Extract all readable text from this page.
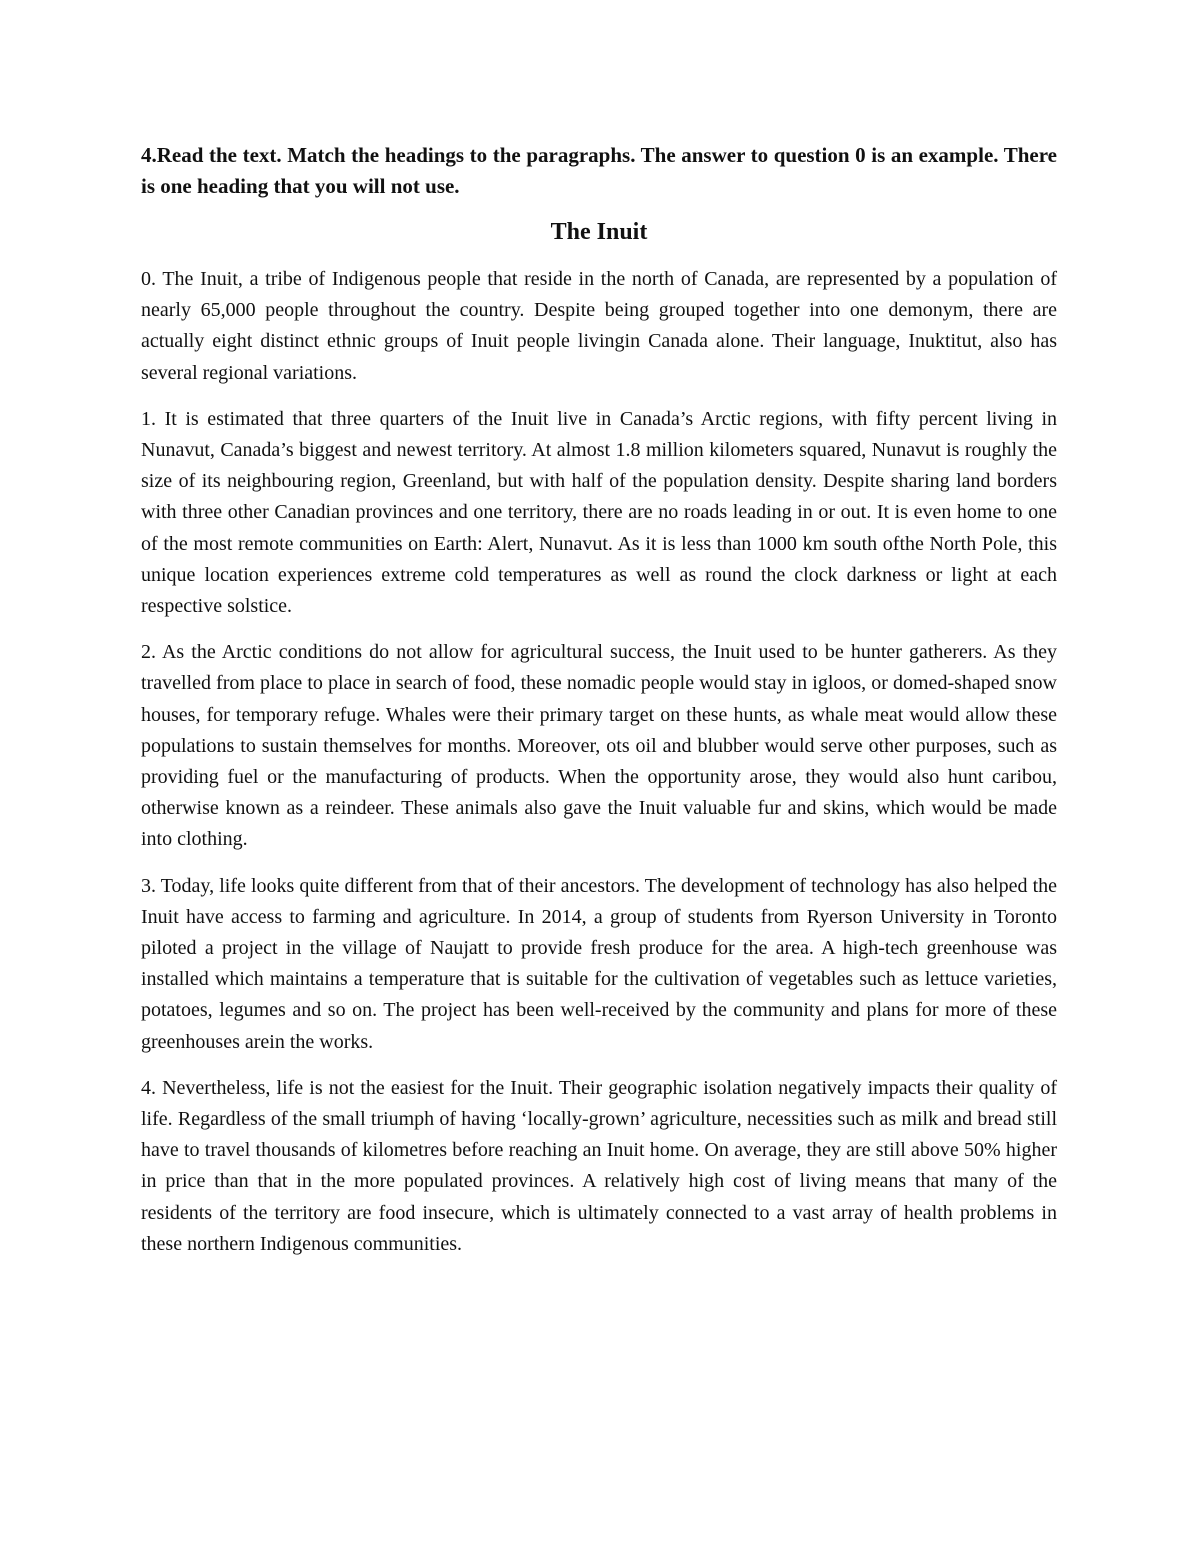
4.Read the text. Match the headings to the paragraphs. The answer to question 0 is an example. There is one heading that you will not use.

The Inuit

0. The Inuit, a tribe of Indigenous people that reside in the north of Canada, are represented by a population of nearly 65,000 people throughout the country. Despite being grouped together into one demonym, there are actually eight distinct ethnic groups of Inuit people livingin Canada alone. Their language, Inuktitut, also has several regional variations.

1. It is estimated that three quarters of the Inuit live in Canada’s Arctic regions, with fifty percent living in Nunavut, Canada’s biggest and newest territory. At almost 1.8 million kilometers squared, Nunavut is roughly the size of its neighbouring region, Greenland, but with half of the population density. Despite sharing land borders with three other Canadian provinces and one territory, there are no roads leading in or out. It is even home to one of the most remote communities on Earth: Alert, Nunavut. As it is less than 1000 km south ofthe North Pole, this unique location experiences extreme cold temperatures as well as round the clock darkness or light at each respective solstice.

2. As the Arctic conditions do not allow for agricultural success, the Inuit used to be hunter gatherers. As they travelled from place to place in search of food, these nomadic people would stay in igloos, or domed-shaped snow houses, for temporary refuge. Whales were their primary target on these hunts, as whale meat would allow these populations to sustain themselves for months. Moreover, ots oil and blubber would serve other purposes, such as providing fuel or the manufacturing of products. When the opportunity arose, they would also hunt caribou, otherwise known as a reindeer. These animals also gave the Inuit valuable fur and skins, which would be made into clothing.

3. Today, life looks quite different from that of their ancestors. The development of technology has also helped the Inuit have access to farming and agriculture. In 2014, a group of students from Ryerson University in Toronto piloted a project in the village of Naujatt to provide fresh produce for the area. A high-tech greenhouse was installed which maintains a temperature that is suitable for the cultivation of vegetables such as lettuce varieties, potatoes, legumes and so on. The project has been well-received by the community and plans for more of these greenhouses arein the works.

4. Nevertheless, life is not the easiest for the Inuit. Their geographic isolation negatively impacts their quality of life. Regardless of the small triumph of having ‘locally-grown’ agriculture, necessities such as milk and bread still have to travel thousands of kilometres before reaching an Inuit home. On average, they are still above 50% higher in price than that in the more populated provinces. A relatively high cost of living means that many of the residents of the territory are food insecure, which is ultimately connected to a vast array of health problems in these northern Indigenous communities.
